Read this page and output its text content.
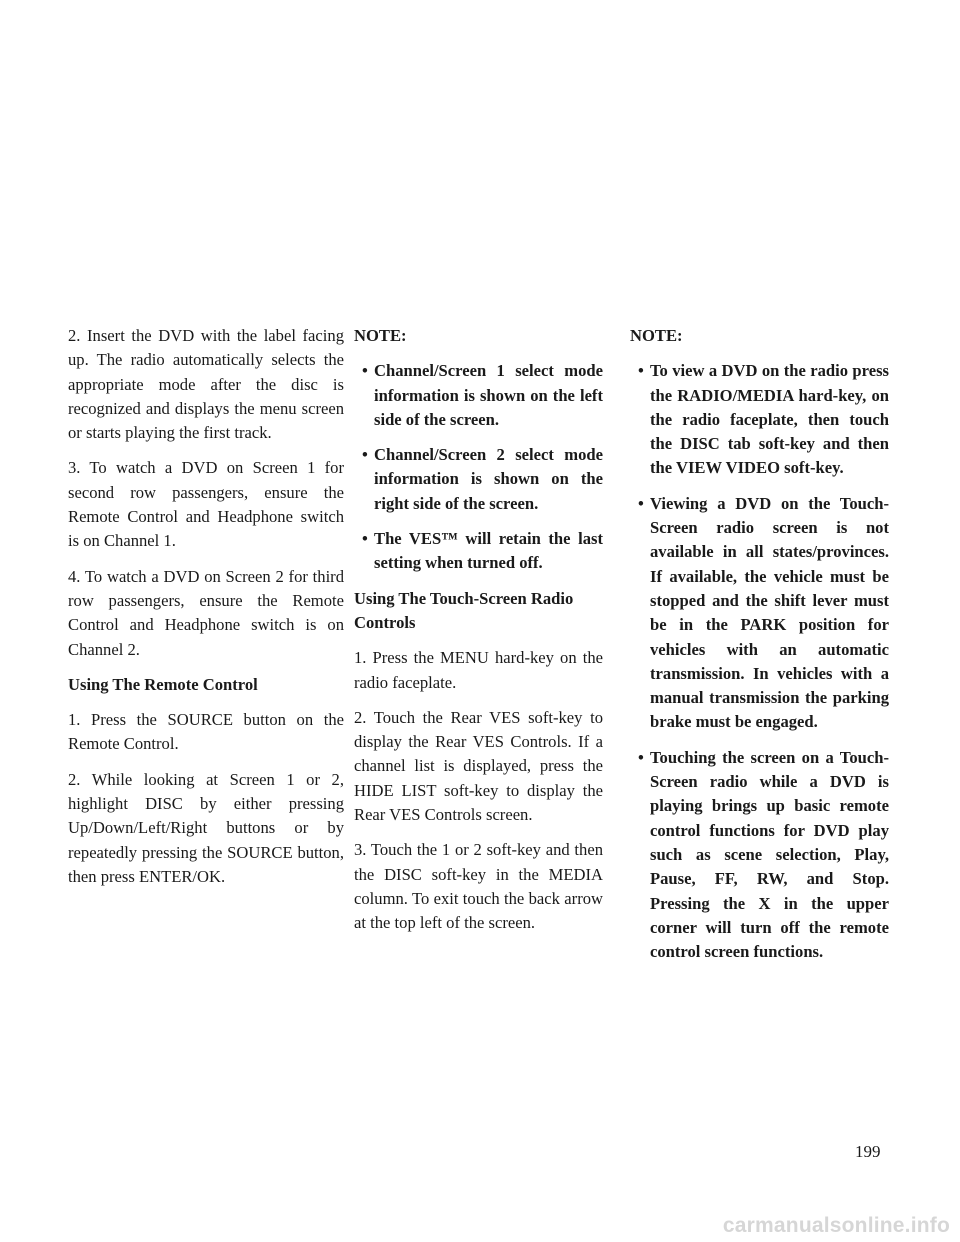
2. Insert the DVD with the label facing up. The radio automatically selects the appropriate mode after the disc is recognized and displays the menu screen or starts playing the first track.

3. To watch a DVD on Screen 1 for second row passengers, ensure the Remote Control and Headphone switch is on Channel 1.

4. To watch a DVD on Screen 2 for third row passengers, ensure the Remote Control and Headphone switch is on Channel 2.

Using The Remote Control

1. Press the SOURCE button on the Remote Control.

2. While looking at Screen 1 or 2, highlight DISC by either pressing Up/Down/Left/Right buttons or by repeatedly pressing the SOURCE button, then press ENTER/OK.

NOTE:

• Channel/Screen 1 select mode information is shown on the left side of the screen.

• Channel/Screen 2 select mode information is shown on the right side of the screen.

• The VES™ will retain the last setting when turned off.

Using The Touch-Screen Radio Controls

1. Press the MENU hard-key on the radio faceplate.

2. Touch the Rear VES soft-key to display the Rear VES Controls. If a channel list is displayed, press the HIDE LIST soft-key to display the Rear VES Controls screen.

3. Touch the 1 or 2 soft-key and then the DISC soft-key in the MEDIA column. To exit touch the back arrow at the top left of the screen.

NOTE:

• To view a DVD on the radio press the RADIO/MEDIA hard-key, on the radio faceplate, then touch the DISC tab soft-key and then the VIEW VIDEO soft-key.

• Viewing a DVD on the Touch-Screen radio screen is not available in all states/provinces. If available, the vehicle must be stopped and the shift lever must be in the PARK position for vehicles with an automatic transmission. In vehicles with a manual transmission the parking brake must be engaged.

• Touching the screen on a Touch-Screen radio while a DVD is playing brings up basic remote control functions for DVD play such as scene selection, Play, Pause, FF, RW, and Stop. Pressing the X in the upper corner will turn off the remote control screen functions.

199
carmanualsonline.info
